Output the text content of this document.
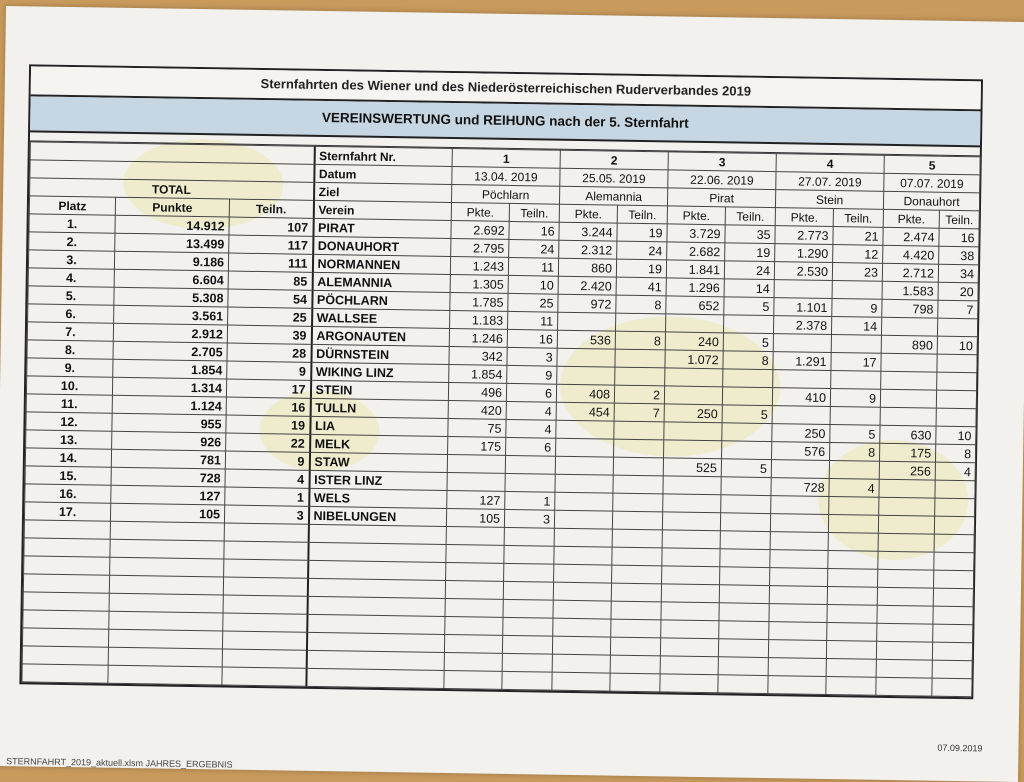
Sternfahrten des Wiener und des Niederösterreichischen Ruderverbandes 2019
VEREINSWERTUNG und REIHUNG nach der 5. Sternfahrt
			Sternfahrt Nr.	1		2		3		4		5	
			Datum	13.04. 2019		25.05. 2019		22.06. 2019		27.07. 2019		07.07. 2019	
TOTAL			Ziel	Pöchlarn		Alemannia		Pirat		Stein		Donauhort	
Platz	Punkte	Teiln.	Verein	Pkte.	Teiln.	Pkte.	Teiln.	Pkte.	Teiln.	Pkte.	Teiln.	Pkte.	Teiln.
1.	14.912	107	PIRAT	2.692	16	3.244	19	3.729	35	2.773	21	2.474	16
2.	13.499	117	DONAUHORT	2.795	24	2.312	24	2.682	19	1.290	12	4.420	38
3.	9.186	111	NORMANNEN	1.243	11	860	19	1.841	24	2.530	23	2.712	34
4.	6.604	85	ALEMANNIA	1.305	10	2.420	41	1.296	14			1.583	20
5.	5.308	54	PÖCHLARN	1.785	25	972	8	652	5	1.101	9	798	7
6.	3.561	25	WALLSEE	1.183	11					2.378	14		
7.	2.912	39	ARGONAUTEN	1.246	16	536	8	240	5			890	10
8.	2.705	28	DÜRNSTEIN	342	3			1.072	8	1.291	17		
9.	1.854	9	WIKING LINZ	1.854	9								
10.	1.314	17	STEIN	496	6	408	2			410	9		
11.	1.124	16	TULLN	420	4	454	7	250	5				
12.	955	19	LIA	75	4					250	5	630	10
13.	926	22	MELK	175	6					576	8	175	8
14.	781	9	STAW					525	5			256	4
15.	728	4	ISTER LINZ							728	4		
16.	127	1	WELS	127	1								
17.	105	3	NIBELUNGEN	105	3								

07.09.2019
STERNFAHRT_2019_aktuell.xlsm JAHRES_ERGEBNIS
